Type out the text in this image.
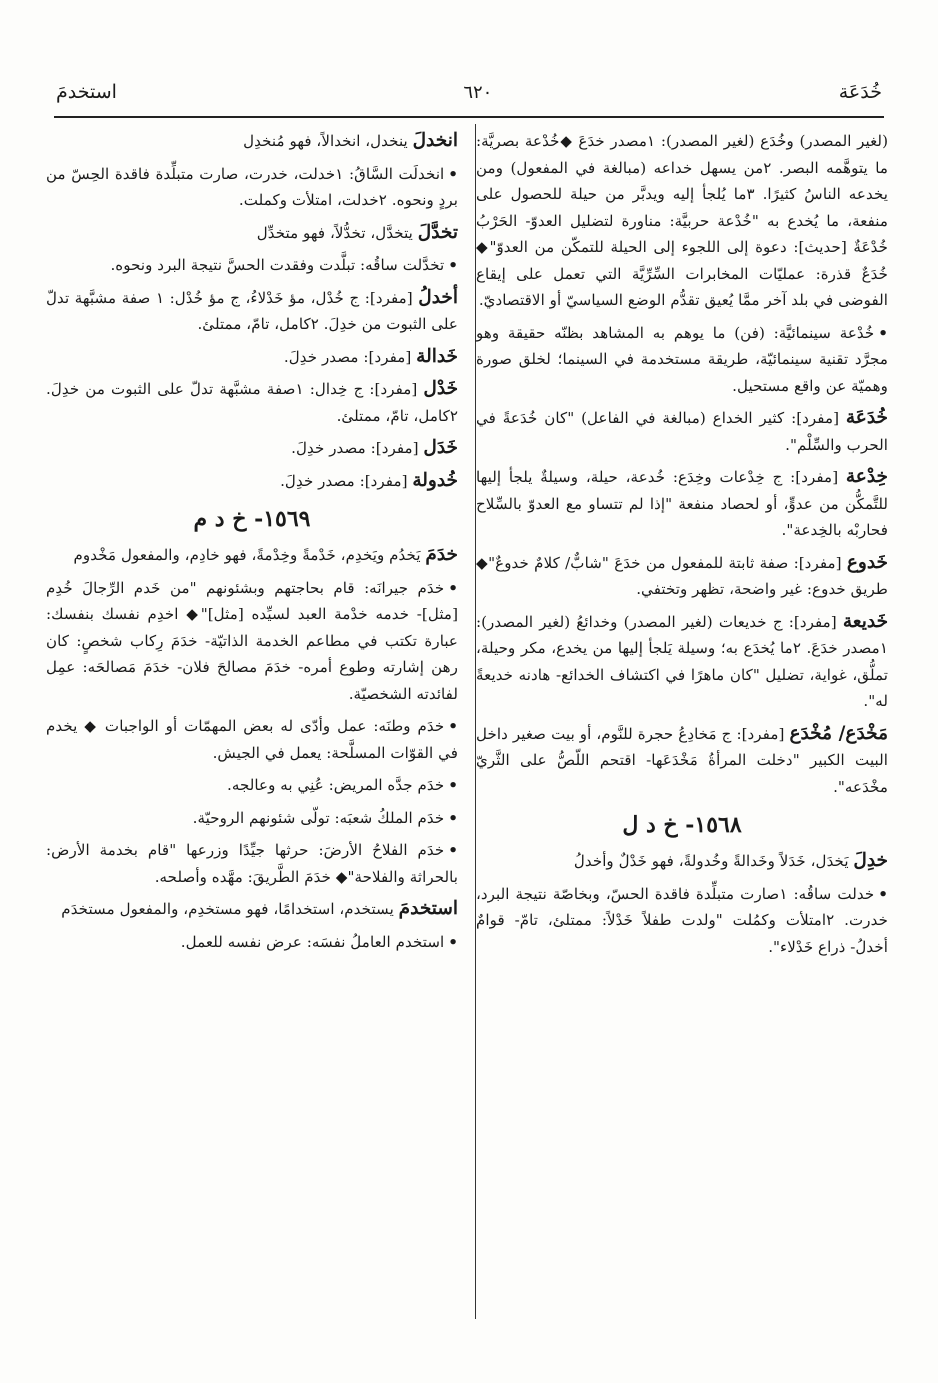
خُدَعَة
٦٢٠
استخدمَ
(لغير المصدر) وخُدَع (لغير المصدر): ١مصدر خدَعَ ◆خُدْعة بصريَّة: ما يتوهَّمه البصر. ٢من يسهل خداعه (مبالغة في المفعول) ومن يخدعه الناسُ كثيرًا. ٣ما يُلجأ إليه ويدبَّر من حيلة للحصول على منفعة، ما يُخدع به "خُدْعة حربيَّة: مناورة لتضليل العدوّ- الحَرْبُ خُدْعَةٌ [حديث]: دعوة إلى اللجوء إلى الحيلة للتمكّن من العدوّ"◆ خُدَعٌ قذرة: عمليّات المخابرات السِّرِّيَّة التي تعمل على إيقاع الفوضى في بلد آخر ممَّا يُعيق تقدُّم الوضع السياسيّ أو الاقتصاديّ.
•خُدْعة سينمائيَّة: (فن) ما يوهم به المشاهد بظنّه حقيقة وهو مجرَّد تقنية سينمائيّة، طريقة مستخدمة في السينما؛ لخلق صورة وهميّة عن واقع مستحيل.
خُدَعَة [مفرد]: كثير الخداع (مبالغة في الفاعل) "كان خُدَعةً في الحرب والسِّلْم".
خِدْعة [مفرد]: ج خِدْعات وخِدَع: خُدعة، حيلة، وسيلةٌ يلجأ إليها للتَّمكُّن من عدوٍّ، أو لحصاد منفعة "إذا لم تتساو مع العدوّ بالسِّلاح فحاربْه بالخِدعة".
خَدوع [مفرد]: صفة ثابتة للمفعول من خدَعَ "شابٌّ/ كلامٌ خدوعٌ"◆ طريق خدوع: غير واضحة، تظهر وتختفي.
خَديعة [مفرد]: ج خديعات (لغير المصدر) وخدائعُ (لغير المصدر): ١مصدر خدَعَ. ٢ما يُخدَع به؛ وسيلة يَلجأ إليها من يخدع، مكر وحيلة، تملُّق، غواية، تضليل "كان ماهرًا في اكتشاف الخدائع- هادنه خديعةً له".
مَخْدَع/ مُخْدَع [مفرد]: ج مَخادِعُ حجرة للنَّوم، أو بيت صغير داخل البيت الكبير "دخلت المرأةُ مَخْدَعَها- اقتحم اللّصُّ على الثَّريّ مخْدَعه".
١٥٦٨- خ د ل
خدِلَ يَخدَل، خَدَلاً وخَدالةً وخُدولةً، فهو خَدْلٌ وأخدلُ
•خدلت ساقُه: ١صارت متبلِّدة فاقدة الحسّ، وبخاصّة نتيجة البرد، خدرت. ٢امتلأت وكمُلت "ولدت طفلاً خَدْلاً: ممتلئ، تامّ- قوامٌ أخدلُ- ذراع خَدْلاء".
انخدلَ ينخدل، انخدالاً، فهو مُنخدِل
•انخدلَت السَّاقُ: ١خدلت، خدرت، صارت متبلِّدة فاقدة الحِسّ من بردٍ ونحوه. ٢خدلت، امتلأت وكملت.
تخدَّلَ يتخدَّل، تخدُّلاً، فهو متخدِّل
•تخدَّلت ساقُه: تبلَّدت وفقدت الحسَّ نتيجة البرد ونحوه.
أخدلُ [مفرد]: ج خُدْل، مؤ خَدْلاءُ، ج مؤ خُدْل: ١ صفة مشبَّهة تدلّ على الثبوت من خدِلَ. ٢كامل، تامّ، ممتلئ.
خَدالة [مفرد]: مصدر خدِلَ.
خَدْل [مفرد]: ج خِدال: ١صفة مشبَّهة تدلّ على الثبوت من خدِلَ. ٢كامل، تامّ، ممتلئ.
خَدَل [مفرد]: مصدر خدِلَ.
خُدولة [مفرد]: مصدر خدِلَ.
١٥٦٩- خ د م
خدَمَ يَخدُم ويَخدِم، خَدْمةً وخِدْمةً، فهو خادِم، والمفعول مَخْدوم
•خدَم جيرانَه: قام بحاجتهم وبشئونهم "من خَدم الرِّجالَ خُدِم [مثل]- خدمه خدْمة العبد لسيِّده [مثل]"◆ اخدِم نفسك بنفسك: عبارة تكتب في مطاعم الخدمة الذاتيّة- خدَمَ رِكاب شخصٍ: كان رهن إشارته وطوع أمره- خدَمَ مصالحَ فلان- خدَمَ مَصالحَه: عمِل لفائدته الشخصيّة.
•خدَم وطنَه: عمل وأدّى له بعض المهمّات أو الواجبات ◆ يخدم في القوّات المسلَّحة: يعمل في الجيش.
•خدَم جدَّه المريض: عُنِي به وعالجه.
•خدَم الملكُ شعبَه: تولّى شئونهم الروحيّة.
•خدَم الفلاحُ الأرضَ: حرثها جيِّدًا وزرعها "قام بخدمة الأرض: بالحراثة والفلاحة"◆ خدَمَ الطَّريقَ: مهَّده وأصلحه.
استخدمَ يستخدم، استخدامًا، فهو مستخدِم، والمفعول مستخدَم
•استخدم العاملُ نفسَه: عرض نفسه للعمل.
